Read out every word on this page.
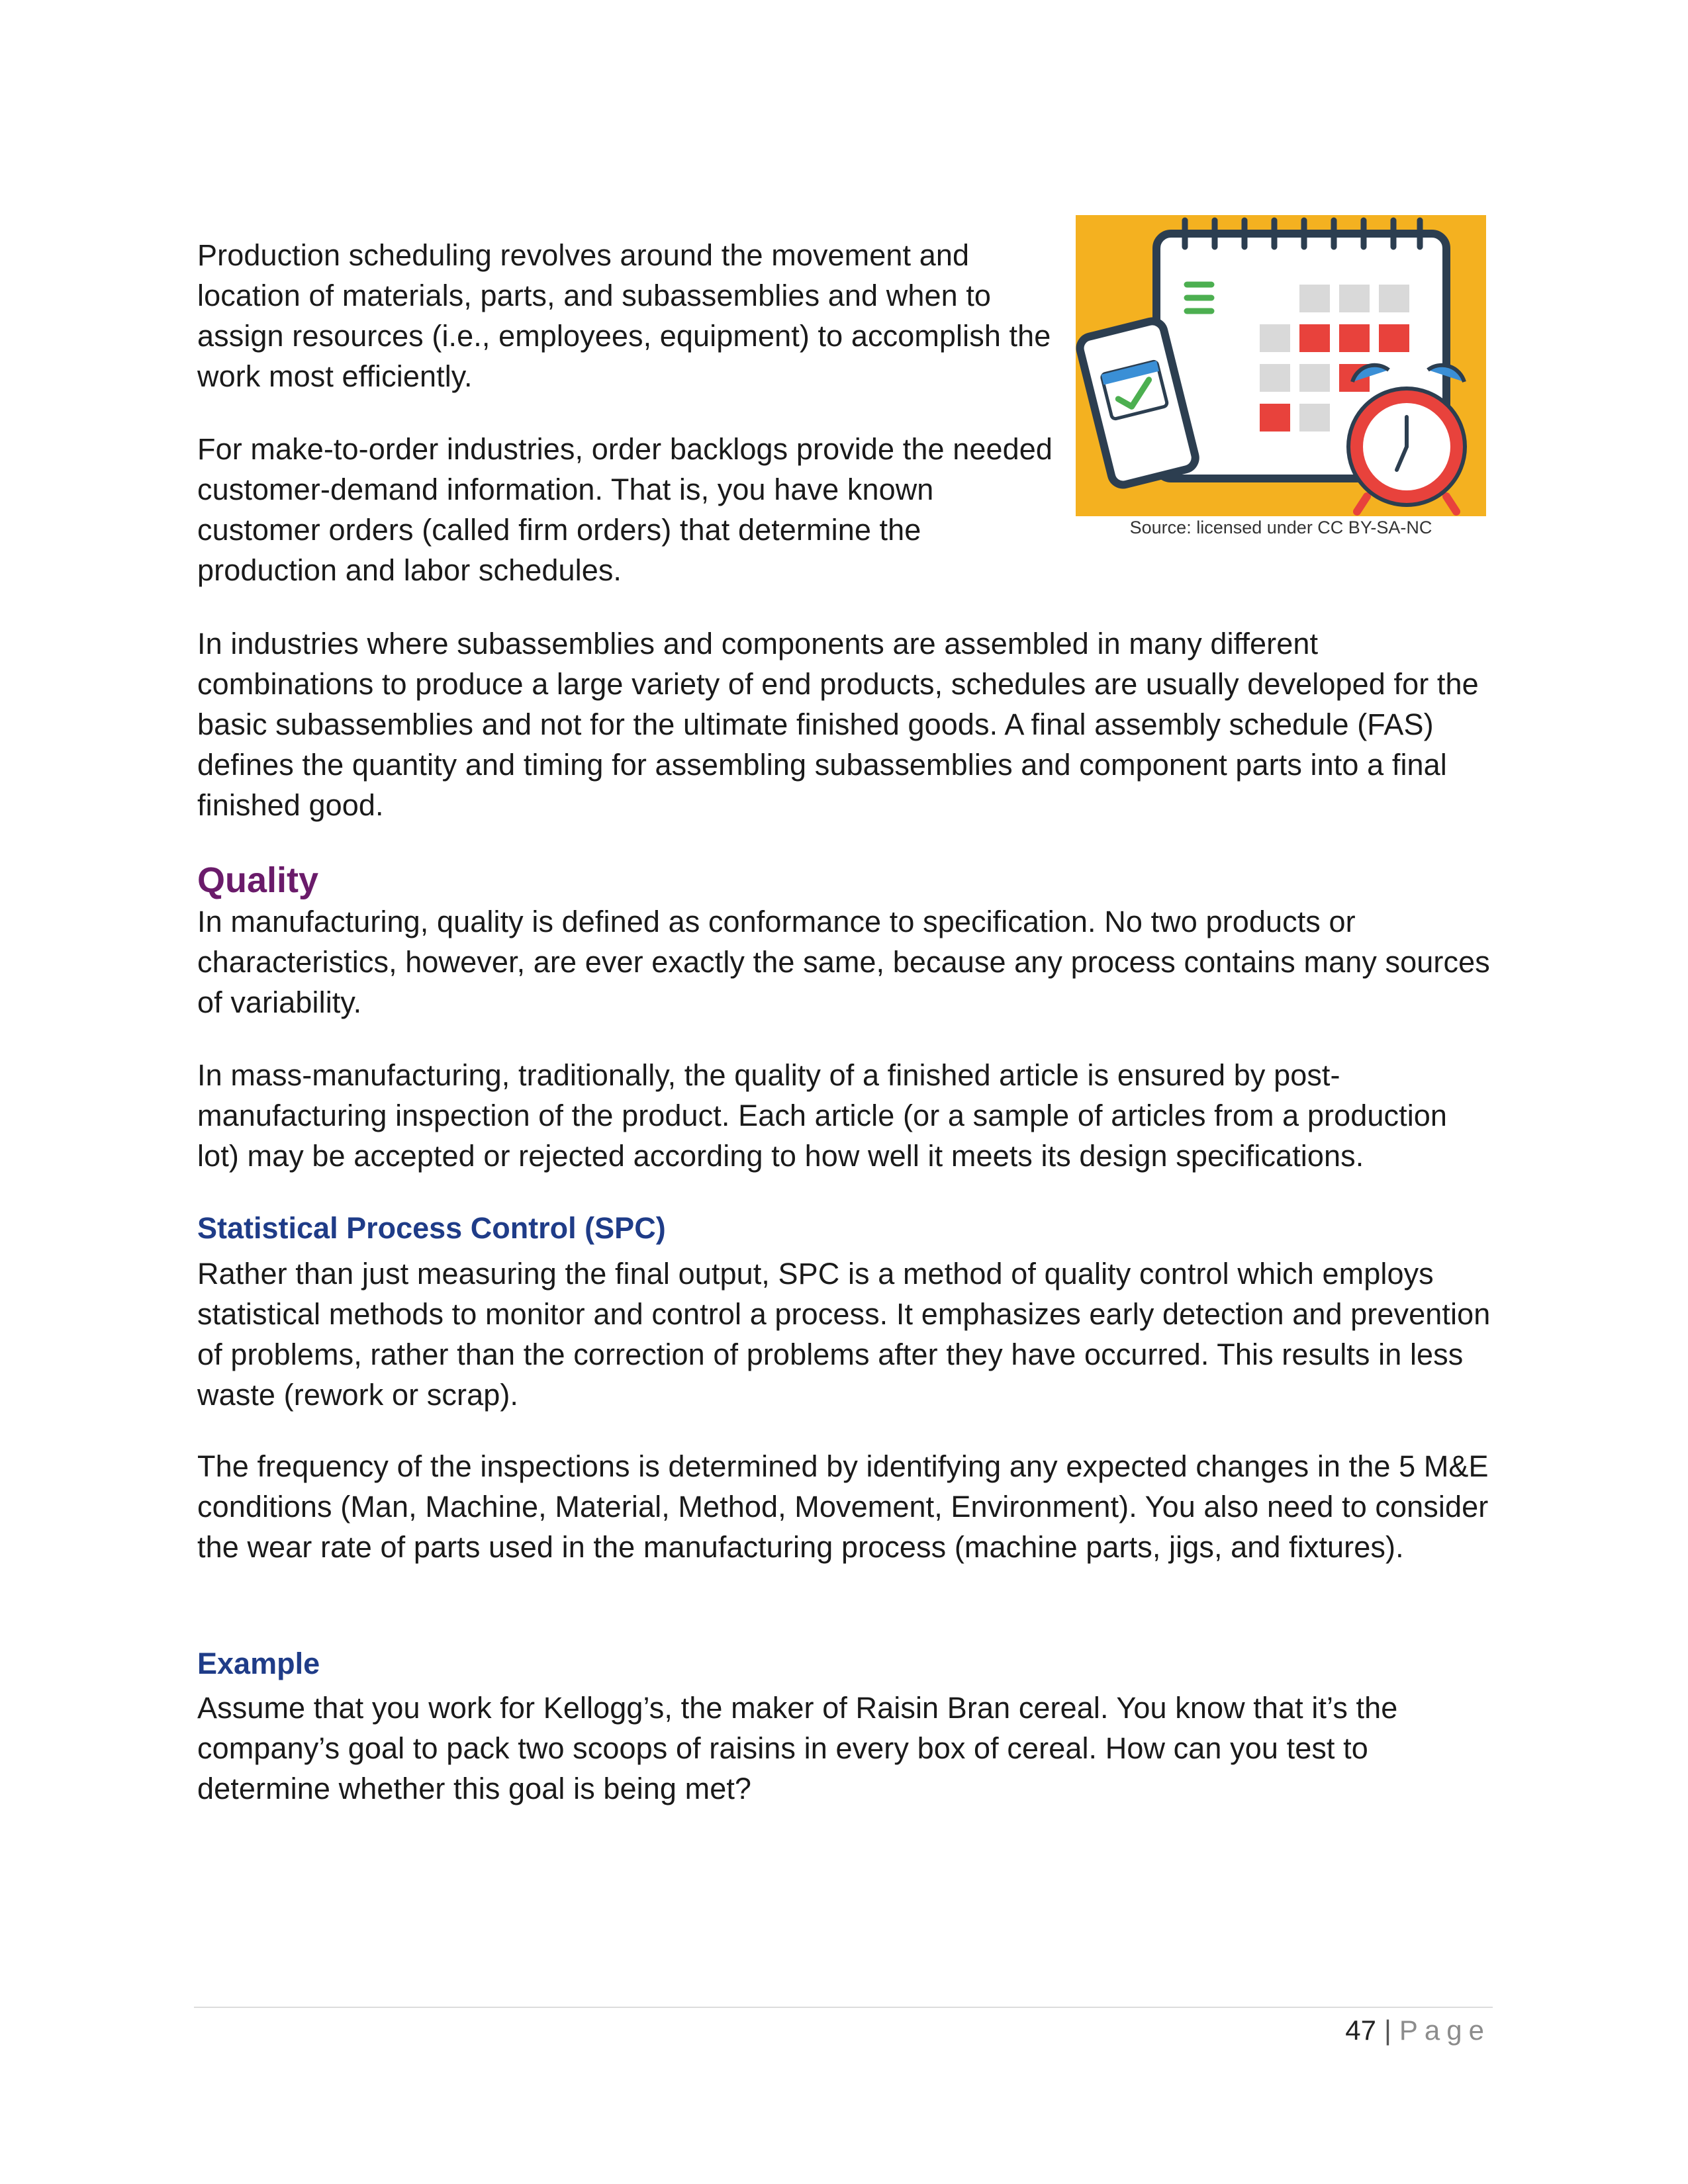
Production scheduling revolves around the movement and location of materials, parts, and subassemblies and when to assign resources (i.e., employees, equipment) to accomplish the work most efficiently.

For make-to-order industries, order backlogs provide the needed customer-demand information. That is, you have known customer orders (called firm orders) that determine the production and labor schedules.

Source: licensed under CC BY-SA-NC

In industries where subassemblies and components are assembled in many different combinations to produce a large variety of end products, schedules are usually developed for the basic subassemblies and not for the ultimate finished goods. A final assembly schedule (FAS) defines the quantity and timing for assembling subassemblies and component parts into a final finished good.

Quality

In manufacturing, quality is defined as conformance to specification. No two products or characteristics, however, are ever exactly the same, because any process contains many sources of variability.

In mass-manufacturing, traditionally, the quality of a finished article is ensured by post-manufacturing inspection of the product. Each article (or a sample of articles from a production lot) may be accepted or rejected according to how well it meets its design specifications.

Statistical Process Control (SPC)

Rather than just measuring the final output, SPC is a method of quality control which employs statistical methods to monitor and control a process. It emphasizes early detection and prevention of problems, rather than the correction of problems after they have occurred. This results in less waste (rework or scrap).

The frequency of the inspections is determined by identifying any expected changes in the 5 M&E conditions (Man, Machine, Material, Method, Movement, Environment). You also need to consider the wear rate of parts used in the manufacturing process (machine parts, jigs, and fixtures).

Example

Assume that you work for Kellogg’s, the maker of Raisin Bran cereal. You know that it’s the company’s goal to pack two scoops of raisins in every box of cereal. How can you test to determine whether this goal is being met?

47 | Page
